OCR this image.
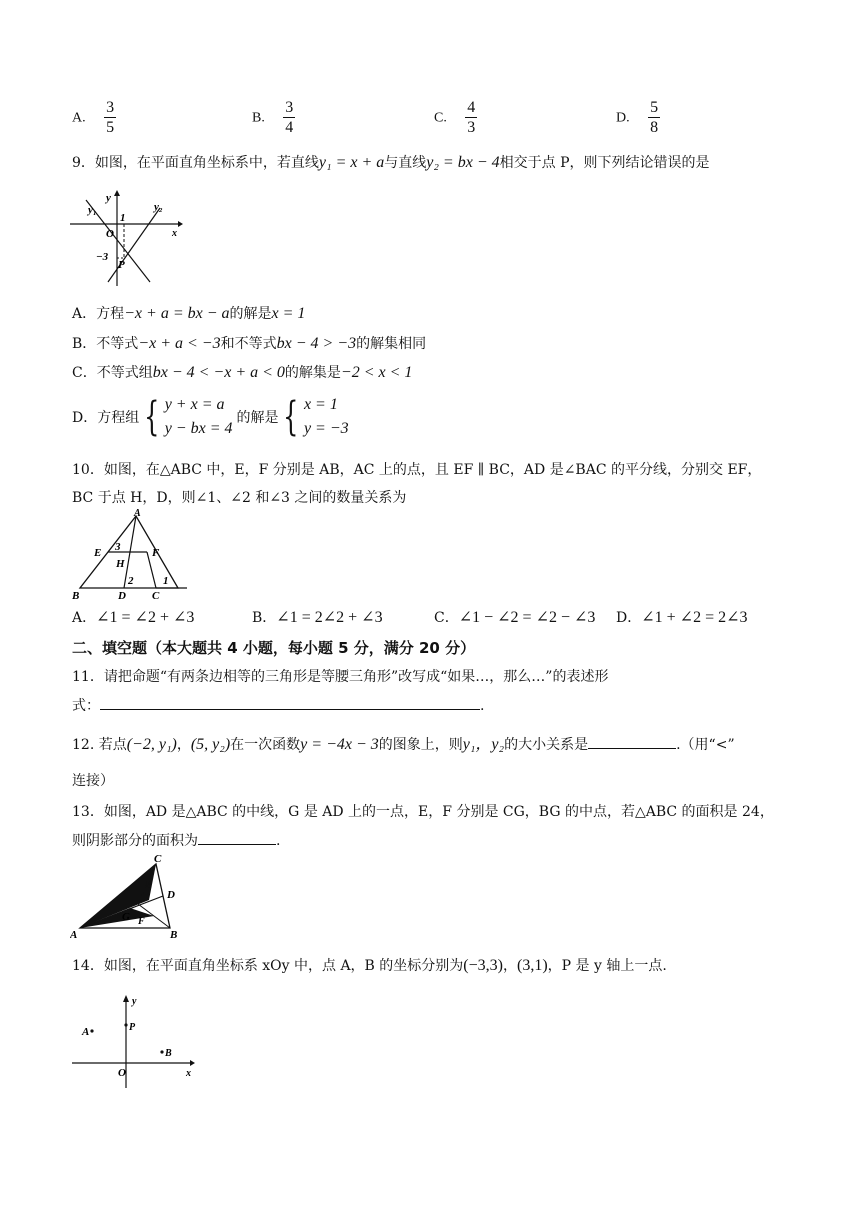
A. $\frac{3}{5}$	B. $\frac{3}{4}$	C. $\frac{4}{3}$	D. $\frac{5}{8}$
9．如图，在平面直角坐标系中，若直线y₁ = x + a与直线y₂ = bx − 4相交于点 P，则下列结论错误的是
y₁	y₂
y
x
1
O
−3
P
A．方程−x + a = bx − a的解是x = 1
B．不等式−x + a < −3和不等式bx − 4 > −3的解集相同
C．不等式组bx − 4 < −x + a < 0的解集是−2 < x < 1
D．方程组 { y + x = a
y − bx = 4的解是 { x = 1
y = −3
10．如图，在△ABC 中，E，F 分别是 AB，AC 上的点，且 EF ∥ BC，AD 是∠BAC 的平分线，分别交 EF，
BC 于点 H，D，则∠1、∠2 和∠3 之间的数量关系为
A
E	F
H
B	D C
3
2	1
A．∠1 = ∠2 + ∠3	B．∠1 = 2∠2 + ∠3	C．∠1 − ∠2 = ∠2 − ∠3 D．∠1 + ∠2 = 2∠3
二、填空题（本大题共 4 小题，每小题 5 分，满分 20 分）
11．请把命题“有两条边相等的三角形是等腰三角形”改写成“如果…，那么…”的表述形
式：	.
12. 若点(−2, y₁)，(5, y₂)在一次函数y = −4x − 3的图象上，则y₁，y₂的大小关系是	.（用“<”
连接）
13．如图，AD 是△ABC 的中线，G 是 AD 上的一点，E，F 分别是 CG，BG 的中点，若△ABC 的面积是 24，
则阴影部分的面积为	.
A	B
C
D
E
F
G
14．如图，在平面直角坐标系 xOy 中，点 A，B 的坐标分别为(−3,3)，(3,1)，P 是 y 轴上一点.
y
x
O
A	P
B
